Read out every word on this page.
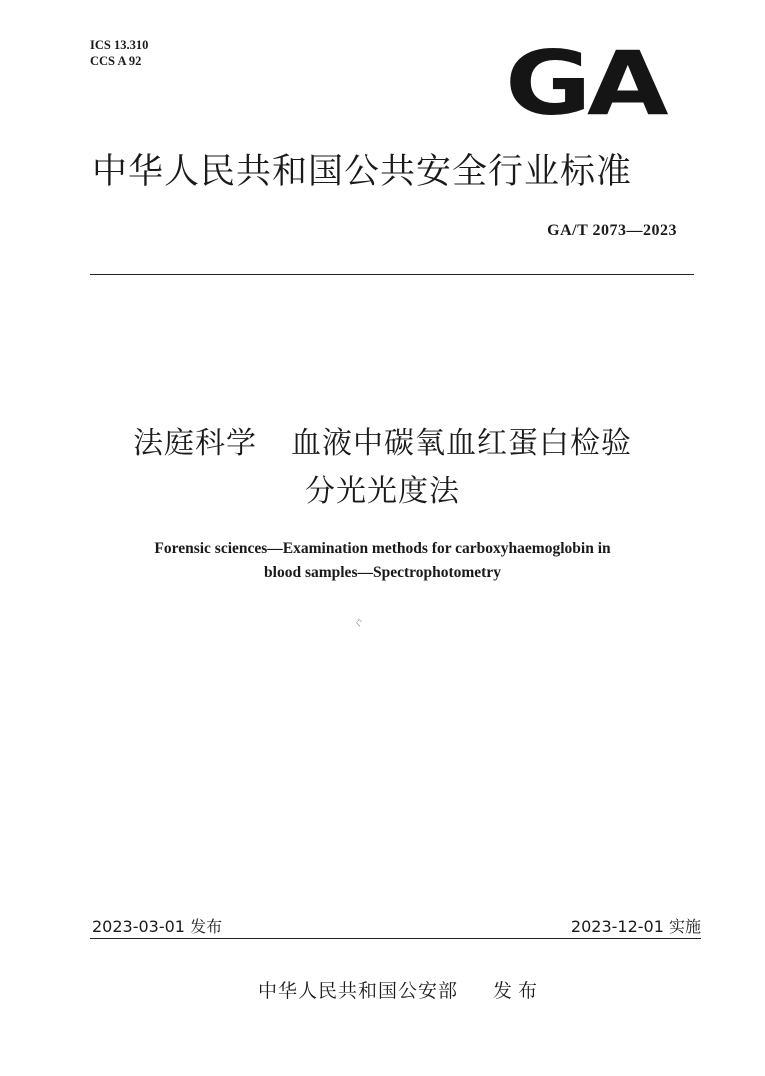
ICS 13.310
CCS A 92	GA
中华人民共和国公共安全行业标准
GA/T 2073—2023
法庭科学 血液中碳氧血红蛋白检验
分光光度法
Forensic sciences—Examination methods for carboxyhaemoglobin in
blood samples—Spectrophotometry
ぐ
2023-03-01 发布	2023-12-01 实施
中华人民共和国公安部 发布
